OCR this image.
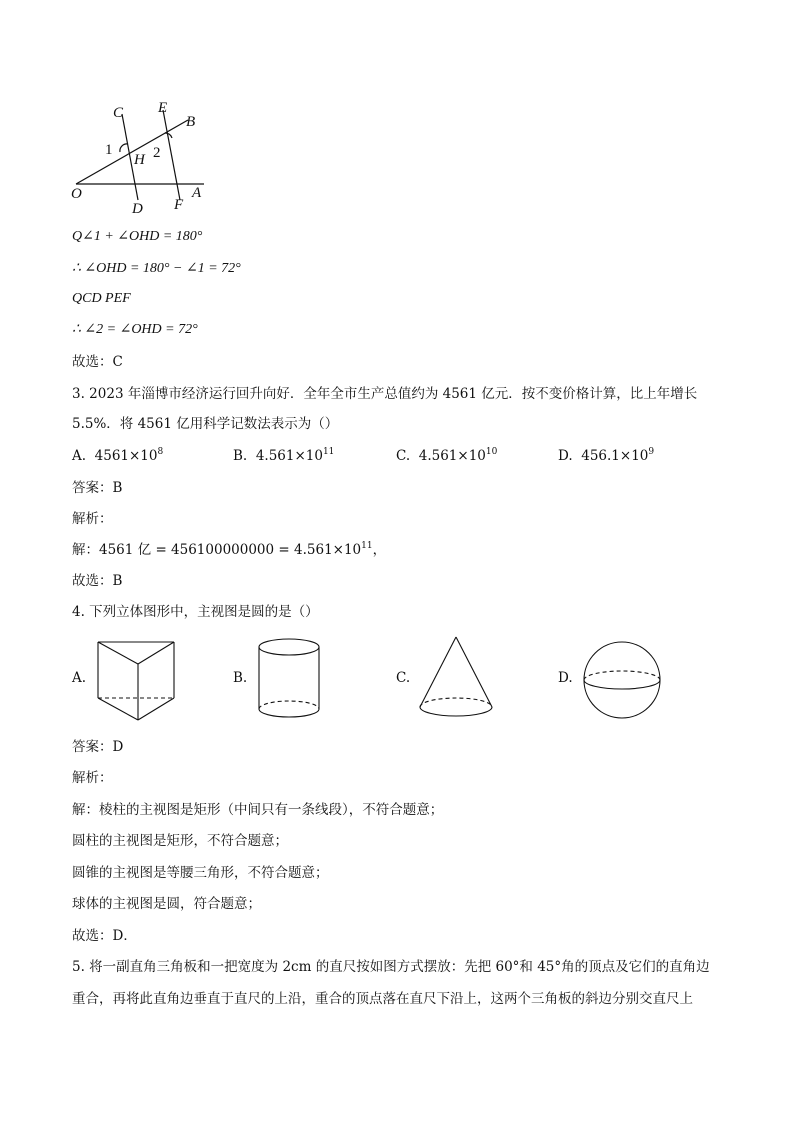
C E
B
1
H 2
O	A
D F
Q∠1 + ∠OHD = 180°
∴ ∠OHD = 180° − ∠1 = 72°
QCD PEF
∴ ∠2 = ∠OHD = 72°
故选：C
3. 2023 年淄博市经济运行回升向好．全年全市生产总值约为 4561 亿元．按不变价格计算，比上年增长
5.5%．将 4561 亿用科学记数法表示为（）
A. $4561\times 10^8$	B. $4.561\times 10^{11}$	C. $4.561\times 10^{10}$	D. $456.1\times 10^9$
答案：B
解析：
解：4561 亿 = $456100000000 = 4.561\times 10^{11}$，
故选：B
4. 下列立体图形中，主视图是圆的是（）
A.	B.	C.	D.
答案：D
解析：
解：棱柱的主视图是矩形（中间只有一条线段），不符合题意；
圆柱的主视图是矩形，不符合题意；
圆锥的主视图是等腰三角形，不符合题意；
球体的主视图是圆，符合题意；
故选：D．
5. 将一副直角三角板和一把宽度为 2cm 的直尺按如图方式摆放：先把 60°和 45°角的顶点及它们的直角边
重合，再将此直角边垂直于直尺的上沿，重合的顶点落在直尺下沿上，这两个三角板的斜边分别交直尺上
